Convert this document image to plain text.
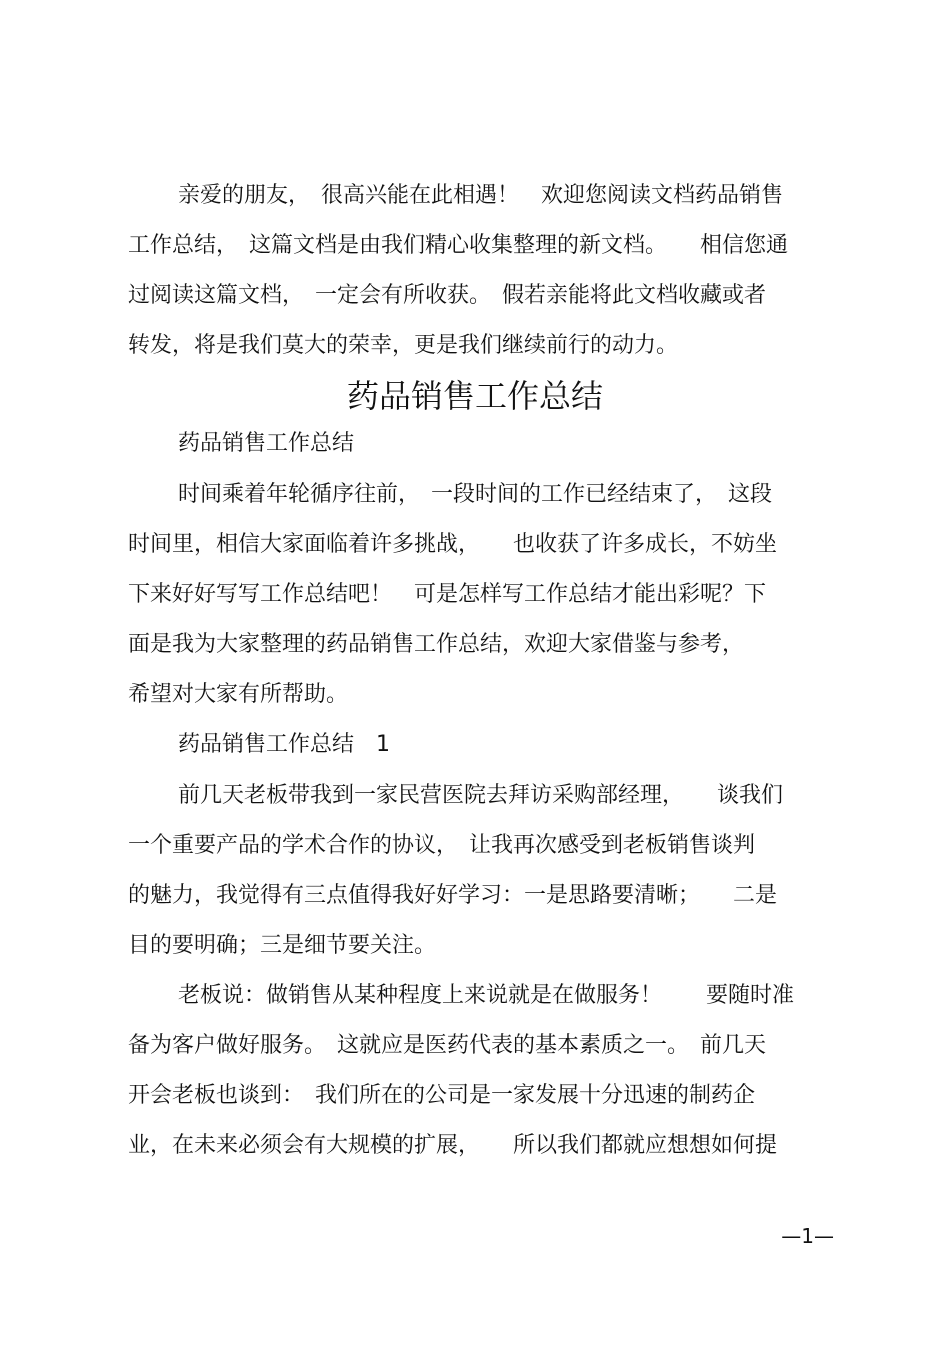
亲爱的朋友，　很高兴能在此相遇！　欢迎您阅读文档药品销售
工作总结，　这篇文档是由我们精心收集整理的新文档。　　相信您通
过阅读这篇文档，　一定会有所收获。　假若亲能将此文档收藏或者
转发，将是我们莫大的荣幸，更是我们继续前行的动力。
药品销售工作总结
药品销售工作总结
时间乘着年轮循序往前，　一段时间的工作已经结束了，　这段
时间里，相信大家面临着许多挑战，　　也收获了许多成长，不妨坐
下来好好写写工作总结吧！　可是怎样写工作总结才能出彩呢？下
面是我为大家整理的药品销售工作总结，欢迎大家借鉴与参考，
希望对大家有所帮助。
药品销售工作总结　1
前几天老板带我到一家民营医院去拜访采购部经理，　　谈我们
一个重要产品的学术合作的协议，　让我再次感受到老板销售谈判
的魅力，我觉得有三点值得我好好学习：一是思路要清晰；　　二是
目的要明确；三是细节要关注。
老板说：做销售从某种程度上来说就是在做服务！　　要随时准
备为客户做好服务。　这就应是医药代表的基本素质之一。　前几天
开会老板也谈到：　我们所在的公司是一家发展十分迅速的制药企
业，在未来必须会有大规模的扩展，　　所以我们都就应想想如何提
—1—
